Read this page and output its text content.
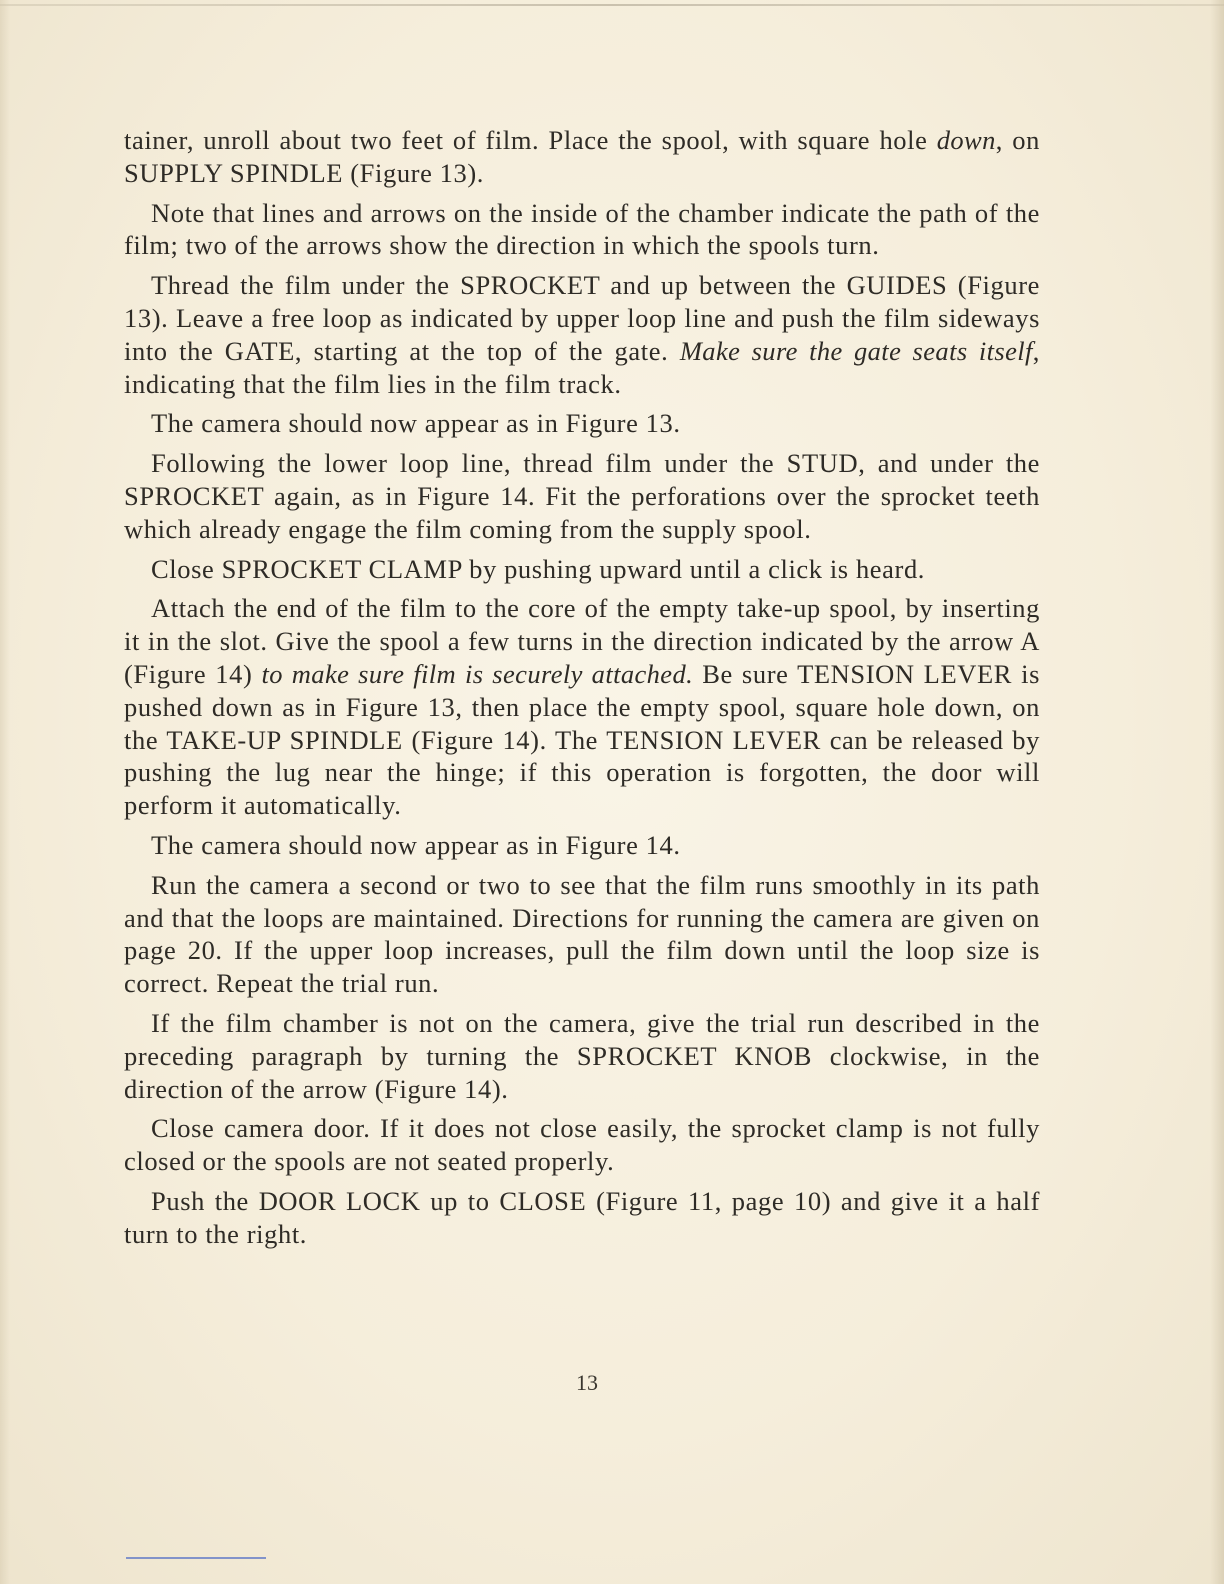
tainer, unroll about two feet of film. Place the spool, with square hole down, on SUPPLY SPINDLE (Figure 13).

Note that lines and arrows on the inside of the chamber indicate the path of the film; two of the arrows show the direction in which the spools turn.

Thread the film under the SPROCKET and up between the GUIDES (Figure 13). Leave a free loop as indicated by upper loop line and push the film sideways into the GATE, starting at the top of the gate. Make sure the gate seats itself, indicating that the film lies in the film track.

The camera should now appear as in Figure 13.

Following the lower loop line, thread film under the STUD, and under the SPROCKET again, as in Figure 14. Fit the perforations over the sprocket teeth which already engage the film coming from the supply spool.

Close SPROCKET CLAMP by pushing upward until a click is heard.

Attach the end of the film to the core of the empty take-up spool, by inserting it in the slot. Give the spool a few turns in the direction indicated by the arrow A (Figure 14) to make sure film is securely attached. Be sure TENSION LEVER is pushed down as in Figure 13, then place the empty spool, square hole down, on the TAKE-UP SPINDLE (Figure 14). The TENSION LEVER can be released by pushing the lug near the hinge; if this operation is forgotten, the door will perform it automatically.

The camera should now appear as in Figure 14.

Run the camera a second or two to see that the film runs smoothly in its path and that the loops are maintained. Directions for running the camera are given on page 20. If the upper loop increases, pull the film down until the loop size is correct. Repeat the trial run.

If the film chamber is not on the camera, give the trial run described in the preceding paragraph by turning the SPROCKET KNOB clockwise, in the direction of the arrow (Figure 14).

Close camera door. If it does not close easily, the sprocket clamp is not fully closed or the spools are not seated properly.

Push the DOOR LOCK up to CLOSE (Figure 11, page 10) and give it a half turn to the right.

13
